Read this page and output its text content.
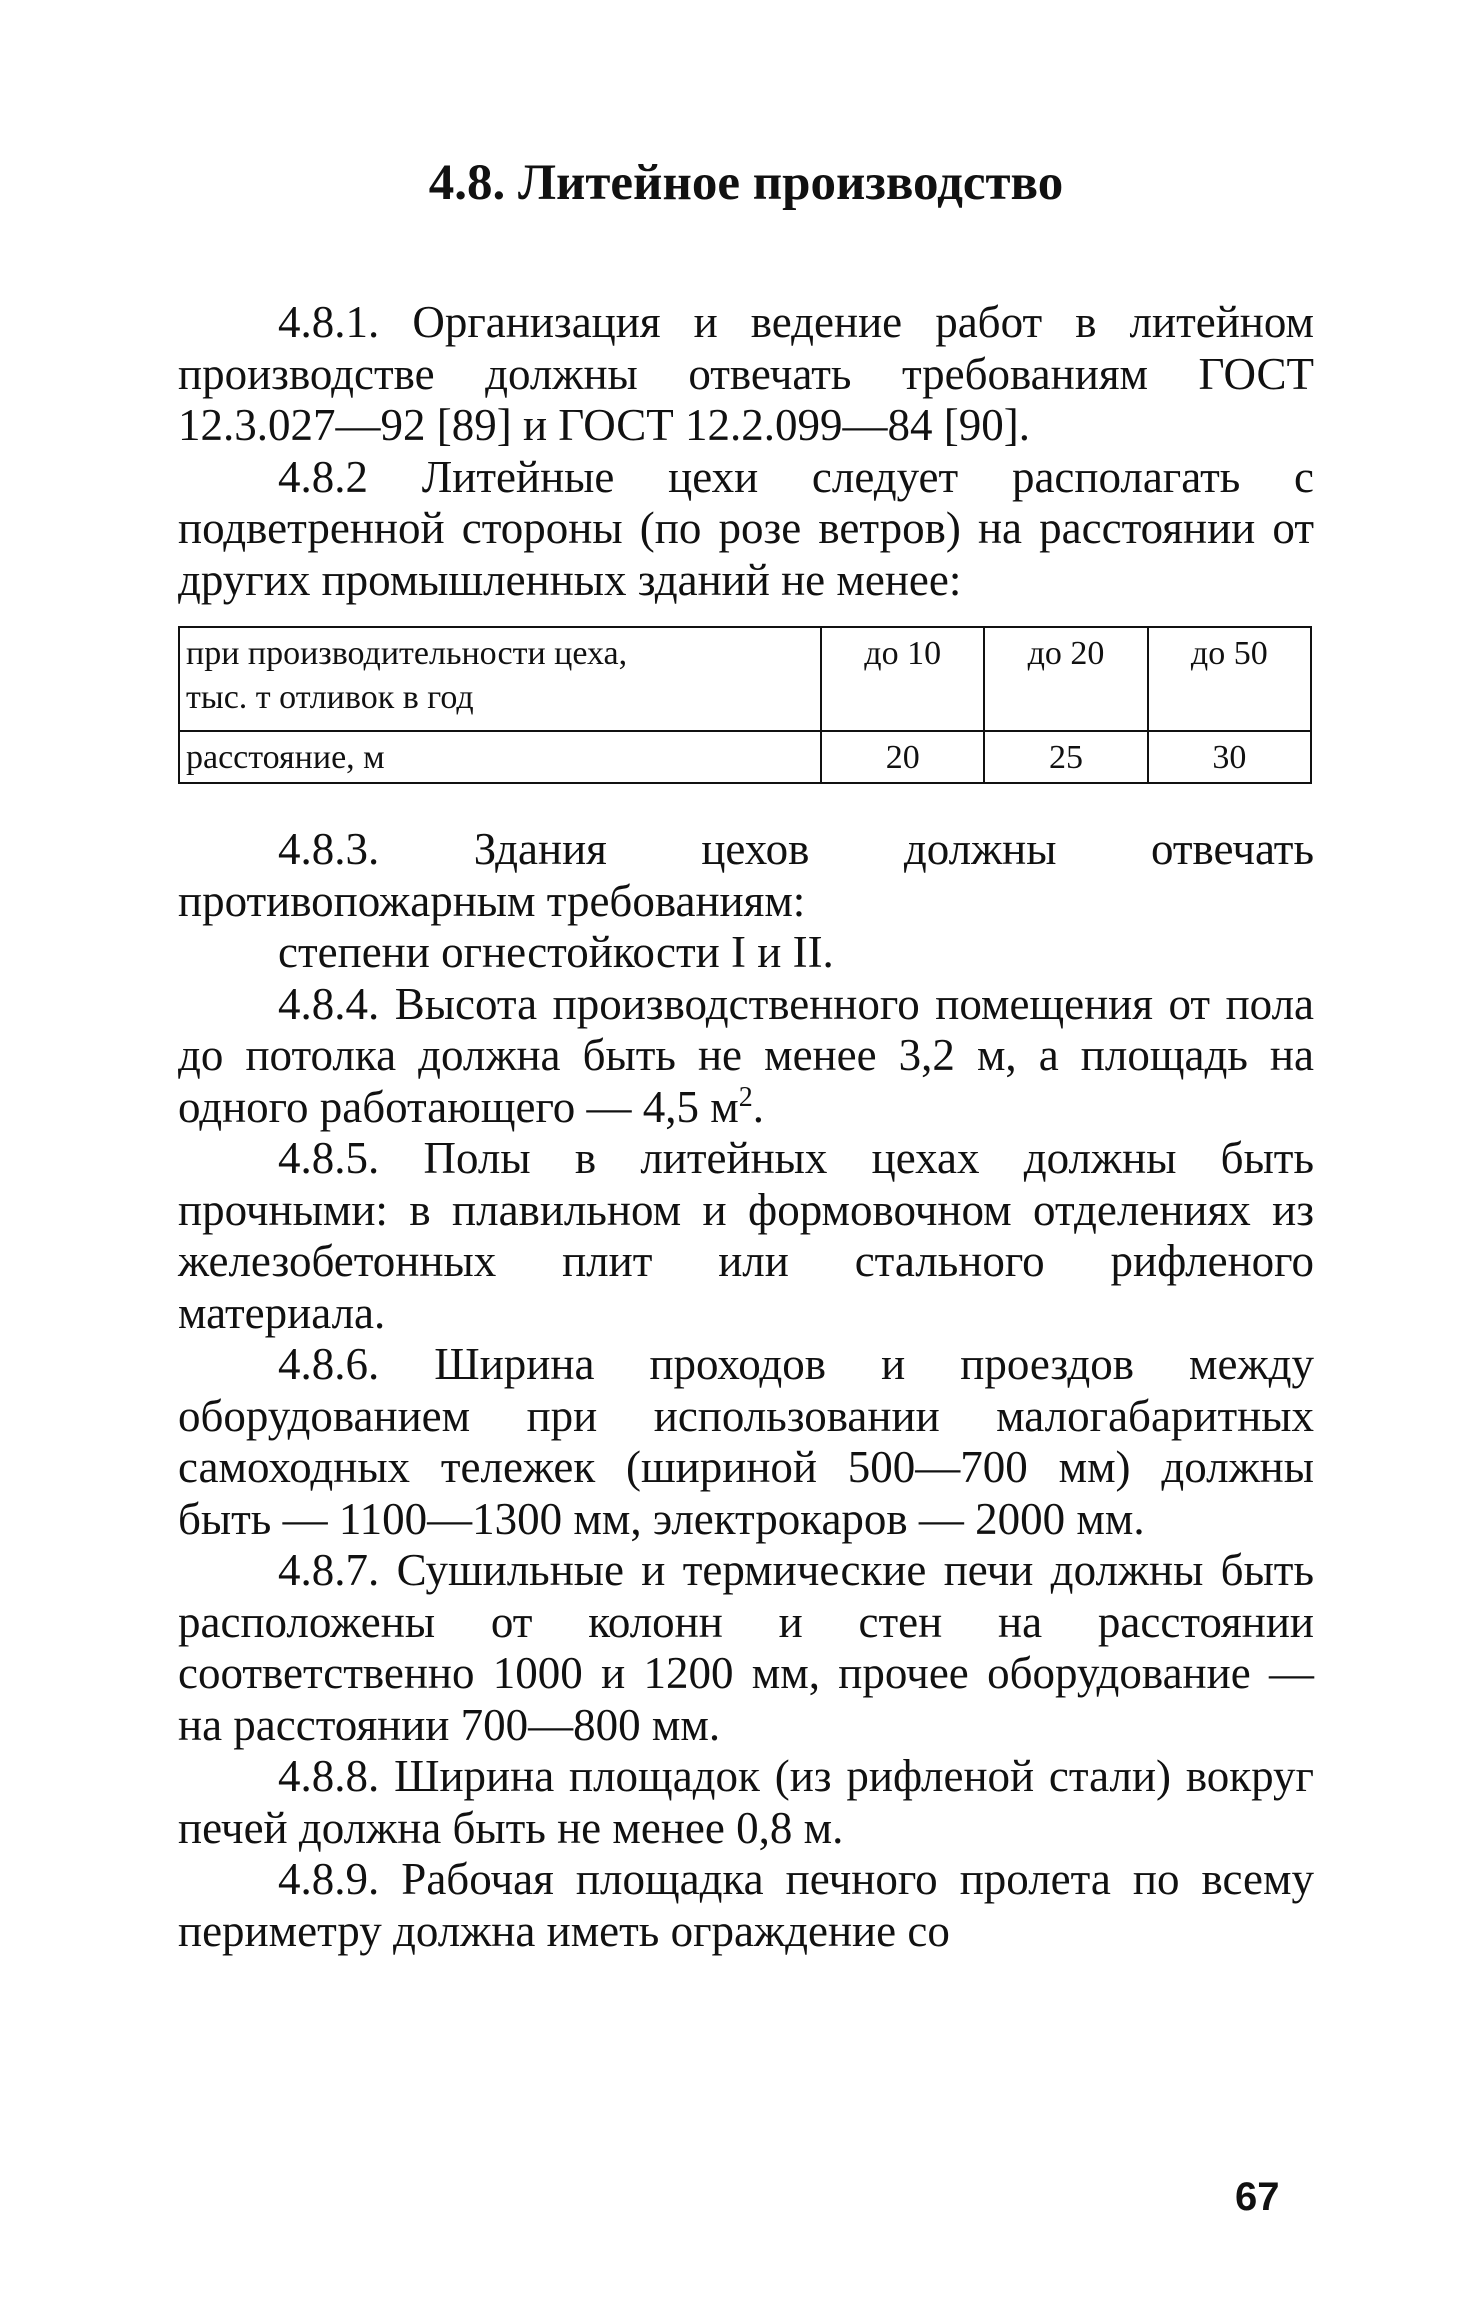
4.8. Литейное производство

4.8.1. Организация и ведение работ в литейном производстве должны отвечать требованиям ГОСТ 12.3.027—92 [89] и ГОСТ 12.2.099—84 [90].

4.8.2 Литейные цехи следует располагать с подветренной стороны (по розе ветров) на расстоянии от других промышленных зданий не менее:

при производительности цеха,
тыс. т отливок в год	до 10	до 20	до 50
расстояние, м	20	25	30

4.8.3. Здания цехов должны отвечать противопожарным требованиям:

степени огнестойкости I и II.

4.8.4. Высота производственного помещения от пола до потолка должна быть не менее 3,2 м, а площадь на одного работающего — 4,5 $м^2$.

4.8.5. Полы в литейных цехах должны быть прочными: в плавильном и формовочном отделениях из железобетонных плит или стального рифленого материала.

4.8.6. Ширина проходов и проездов между оборудованием при использовании малогабаритных самоходных тележек (шириной 500—700 мм) должны быть — 1100—1300 мм, электрокаров — 2000 мм.

4.8.7. Сушильные и термические печи должны быть расположены от колонн и стен на расстоянии соответственно 1000 и 1200 мм, прочее оборудование — на расстоянии 700—800 мм.

4.8.8. Ширина площадок (из рифленой стали) вокруг печей должна быть не менее 0,8 м.

4.8.9. Рабочая площадка печного пролета по всему периметру должна иметь ограждение со

67
